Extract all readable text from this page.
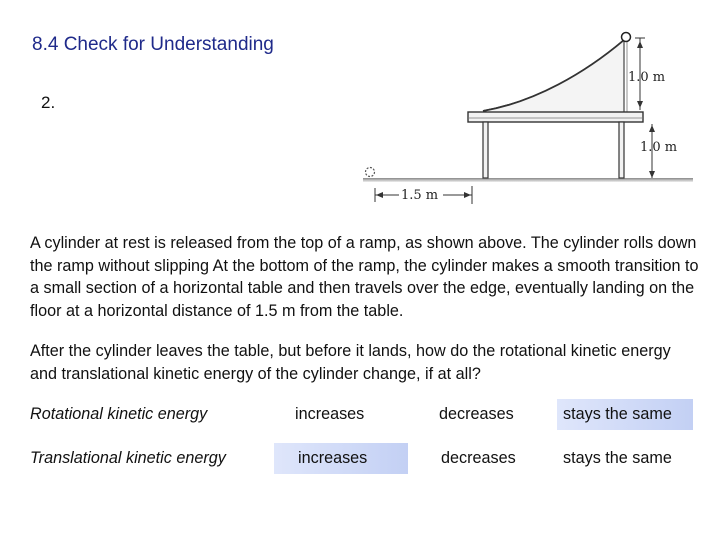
8.4 Check for Understanding
2.
1.0 m
1.0 m
1.5 m

A cylinder at rest is released from the top of a ramp, as shown above. The cylinder rolls down the ramp without slipping At the bottom of the ramp, the cylinder makes a smooth transition to a small section of a horizontal table and then travels over the edge, eventually landing on the floor at a horizontal distance of 1.5 m from the table.

After the cylinder leaves the table, but before it lands, how do the rotational kinetic energy and translational kinetic energy of the cylinder change, if at all?

Rotational kinetic energy	increases	decreases	stays the same
Translational kinetic energy	increases	decreases	stays the same
